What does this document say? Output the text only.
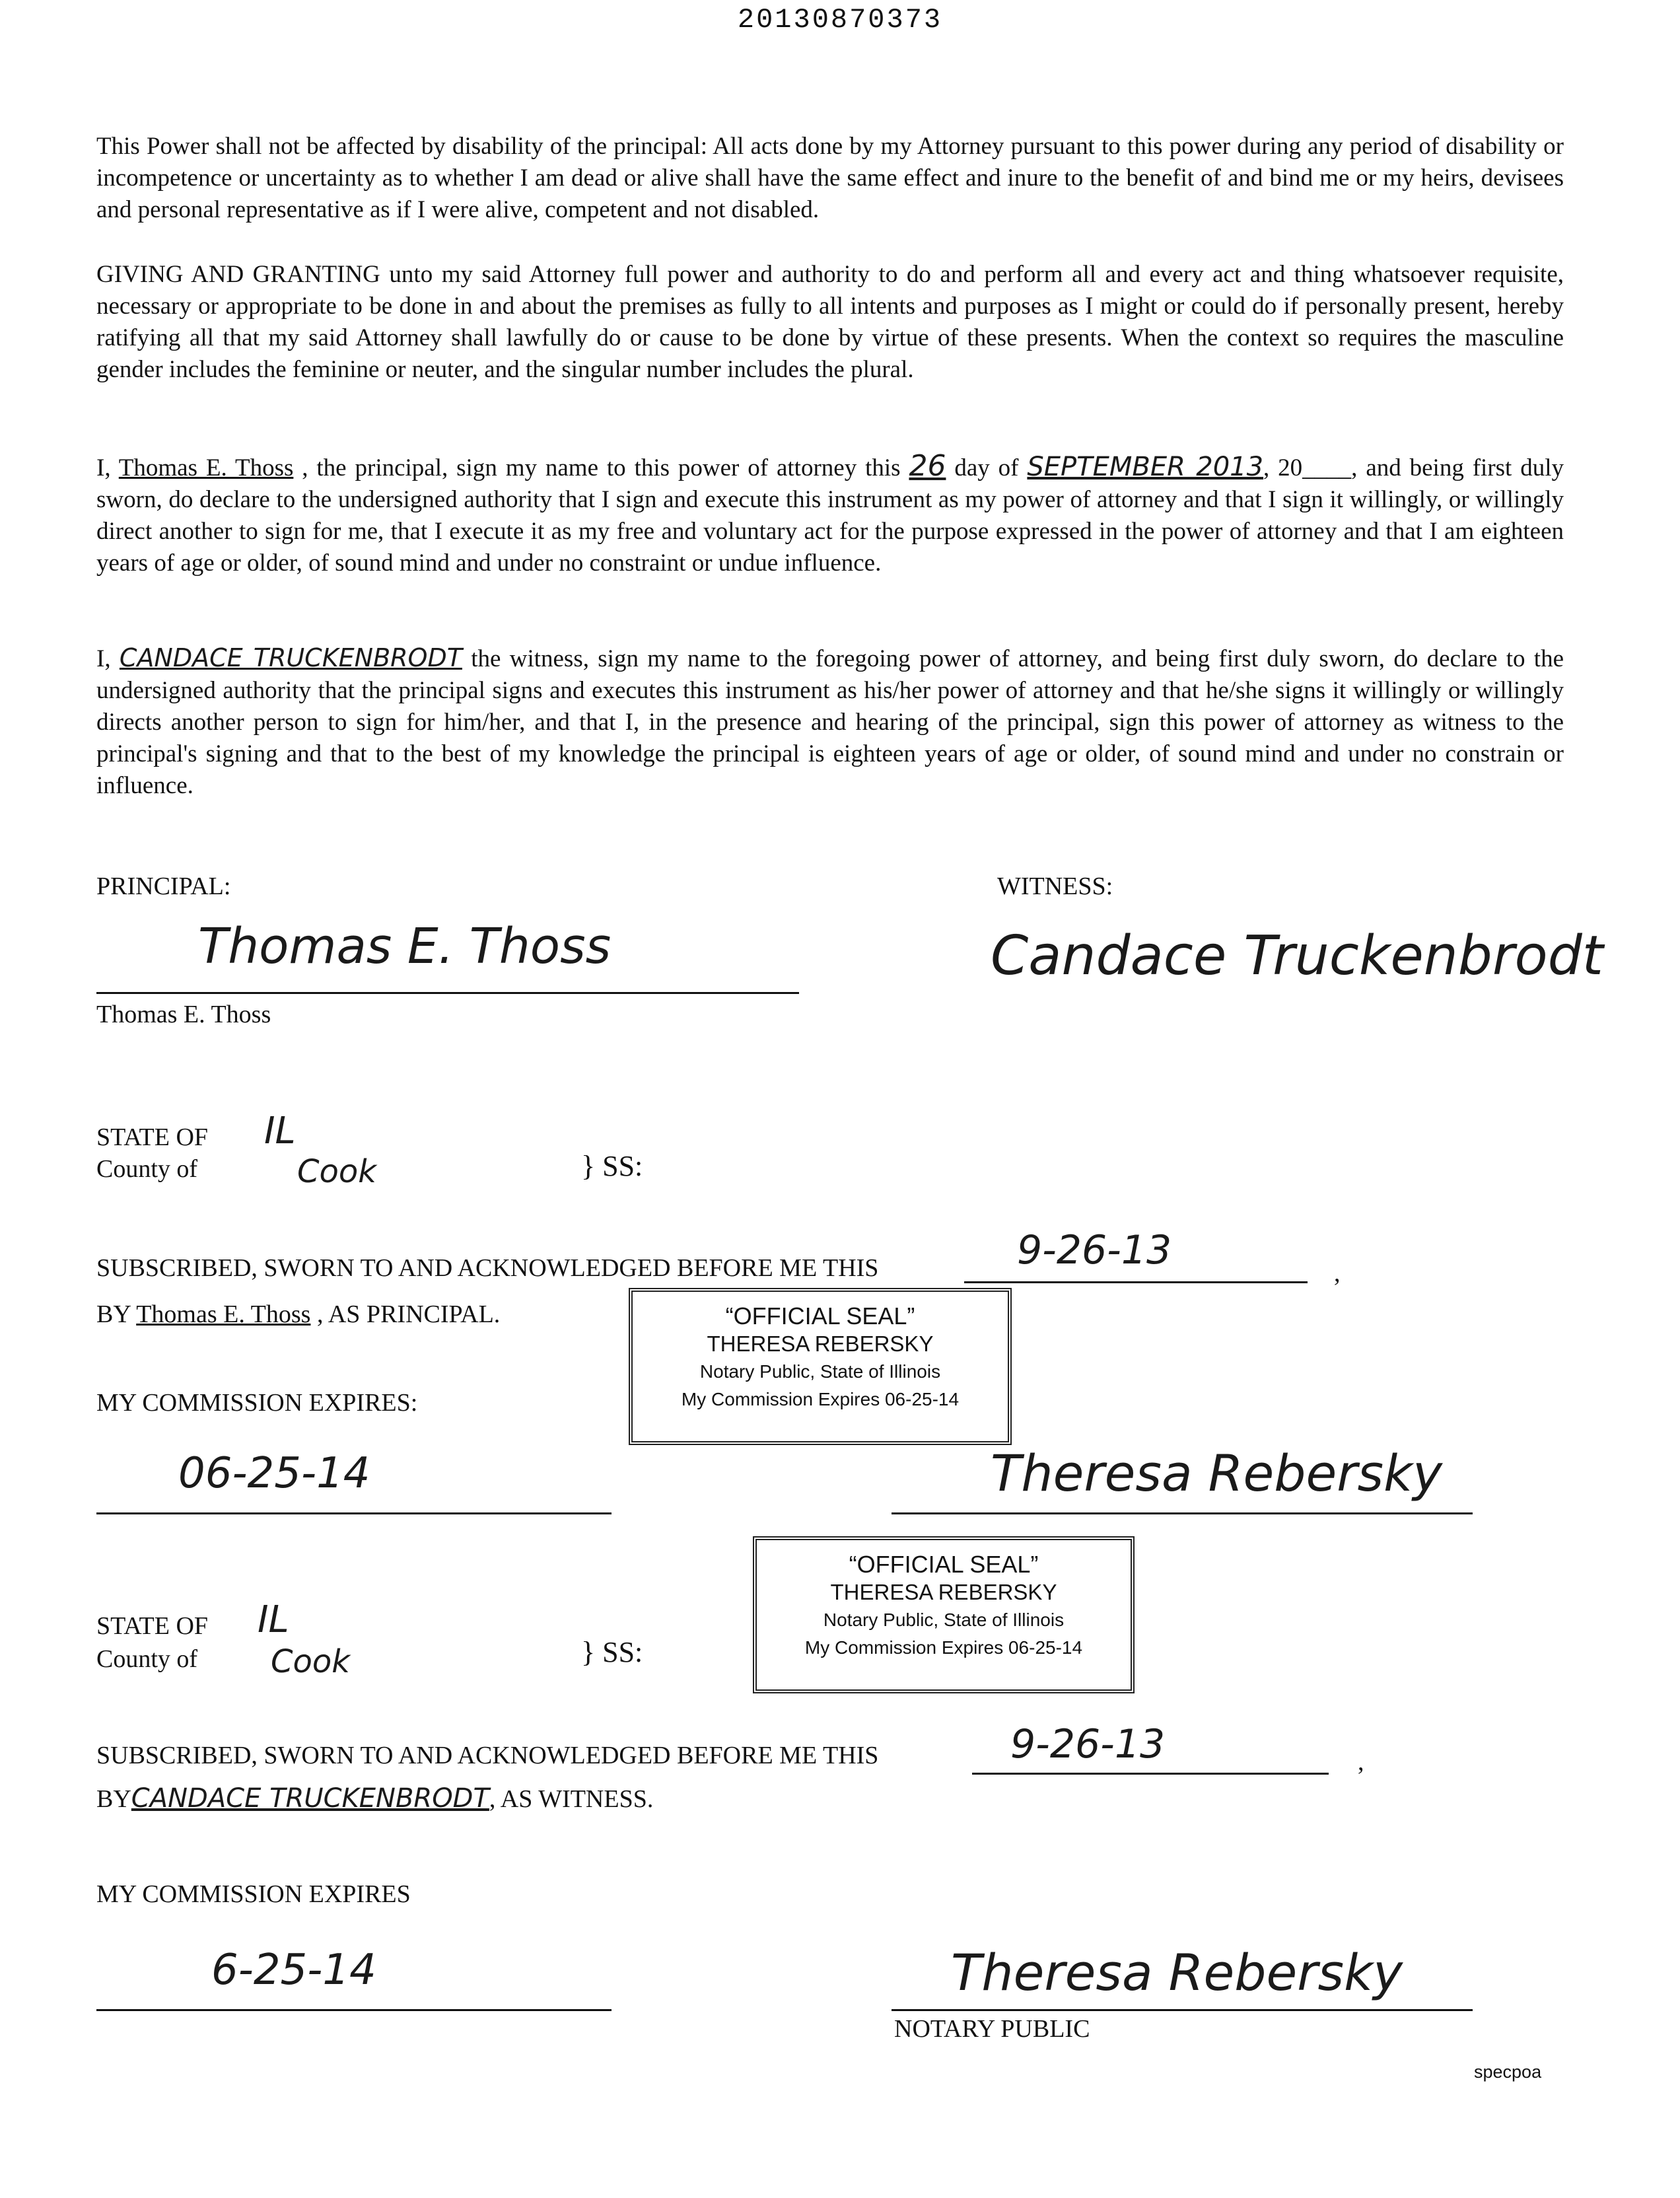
20130870373
This Power shall not be affected by disability of the principal: All acts done by my Attorney pursuant to this power during any period of disability or incompetence or uncertainty as to whether I am dead or alive shall have the same effect and inure to the benefit of and bind me or my heirs, devisees and personal representative as if I were alive, competent and not disabled.
GIVING AND GRANTING unto my said Attorney full power and authority to do and perform all and every act and thing whatsoever requisite, necessary or appropriate to be done in and about the premises as fully to all intents and purposes as I might or could do if personally present, hereby ratifying all that my said Attorney shall lawfully do or cause to be done by virtue of these presents. When the context so requires the masculine gender includes the feminine or neuter, and the singular number includes the plural.
I, Thomas E. Thoss , the principal, sign my name to this power of attorney this 26 day of SEPTEMBER 2013, 20____, and being first duly sworn, do declare to the undersigned authority that I sign and execute this instrument as my power of attorney and that I sign it willingly, or willingly direct another to sign for me, that I execute it as my free and voluntary act for the purpose expressed in the power of attorney and that I am eighteen years of age or older, of sound mind and under no constraint or undue influence.
I, CANDACE TRUCKENBRODT the witness, sign my name to the foregoing power of attorney, and being first duly sworn, do declare to the undersigned authority that the principal signs and executes this instrument as his/her power of attorney and that he/she signs it willingly or willingly directs another person to sign for him/her, and that I, in the presence and hearing of the principal, sign this power of attorney as witness to the principal's signing and that to the best of my knowledge the principal is eighteen years of age or older, of sound mind and under no constrain or influence.
PRINCIPAL:
Thomas E. Thoss
Thomas E. Thoss
WITNESS:
Candace Truckenbrodt
STATE OF IL
County of	Cook	} SS:
SUBSCRIBED, SWORN TO AND ACKNOWLEDGED BEFORE ME THIS	9-26-13	,
BY Thomas E. Thoss , AS PRINCIPAL.
MY COMMISSION EXPIRES:
06-25-14	Theresa Rebersky
“OFFICIAL SEAL”
THERESA REBERSKY
Notary Public, State of Illinois
My Commission Expires 06-25-14
“OFFICIAL SEAL”
THERESA REBERSKY
Notary Public, State of Illinois
My Commission Expires 06-25-14
STATE OF IL
County of Cook	} SS:
SUBSCRIBED, SWORN TO AND ACKNOWLEDGED BEFORE ME THIS	9-26-13	,
BYCANDACE TRUCKENBRODT, AS WITNESS.
MY COMMISSION EXPIRES
6-25-14	Theresa Rebersky
NOTARY PUBLIC
specpoa
